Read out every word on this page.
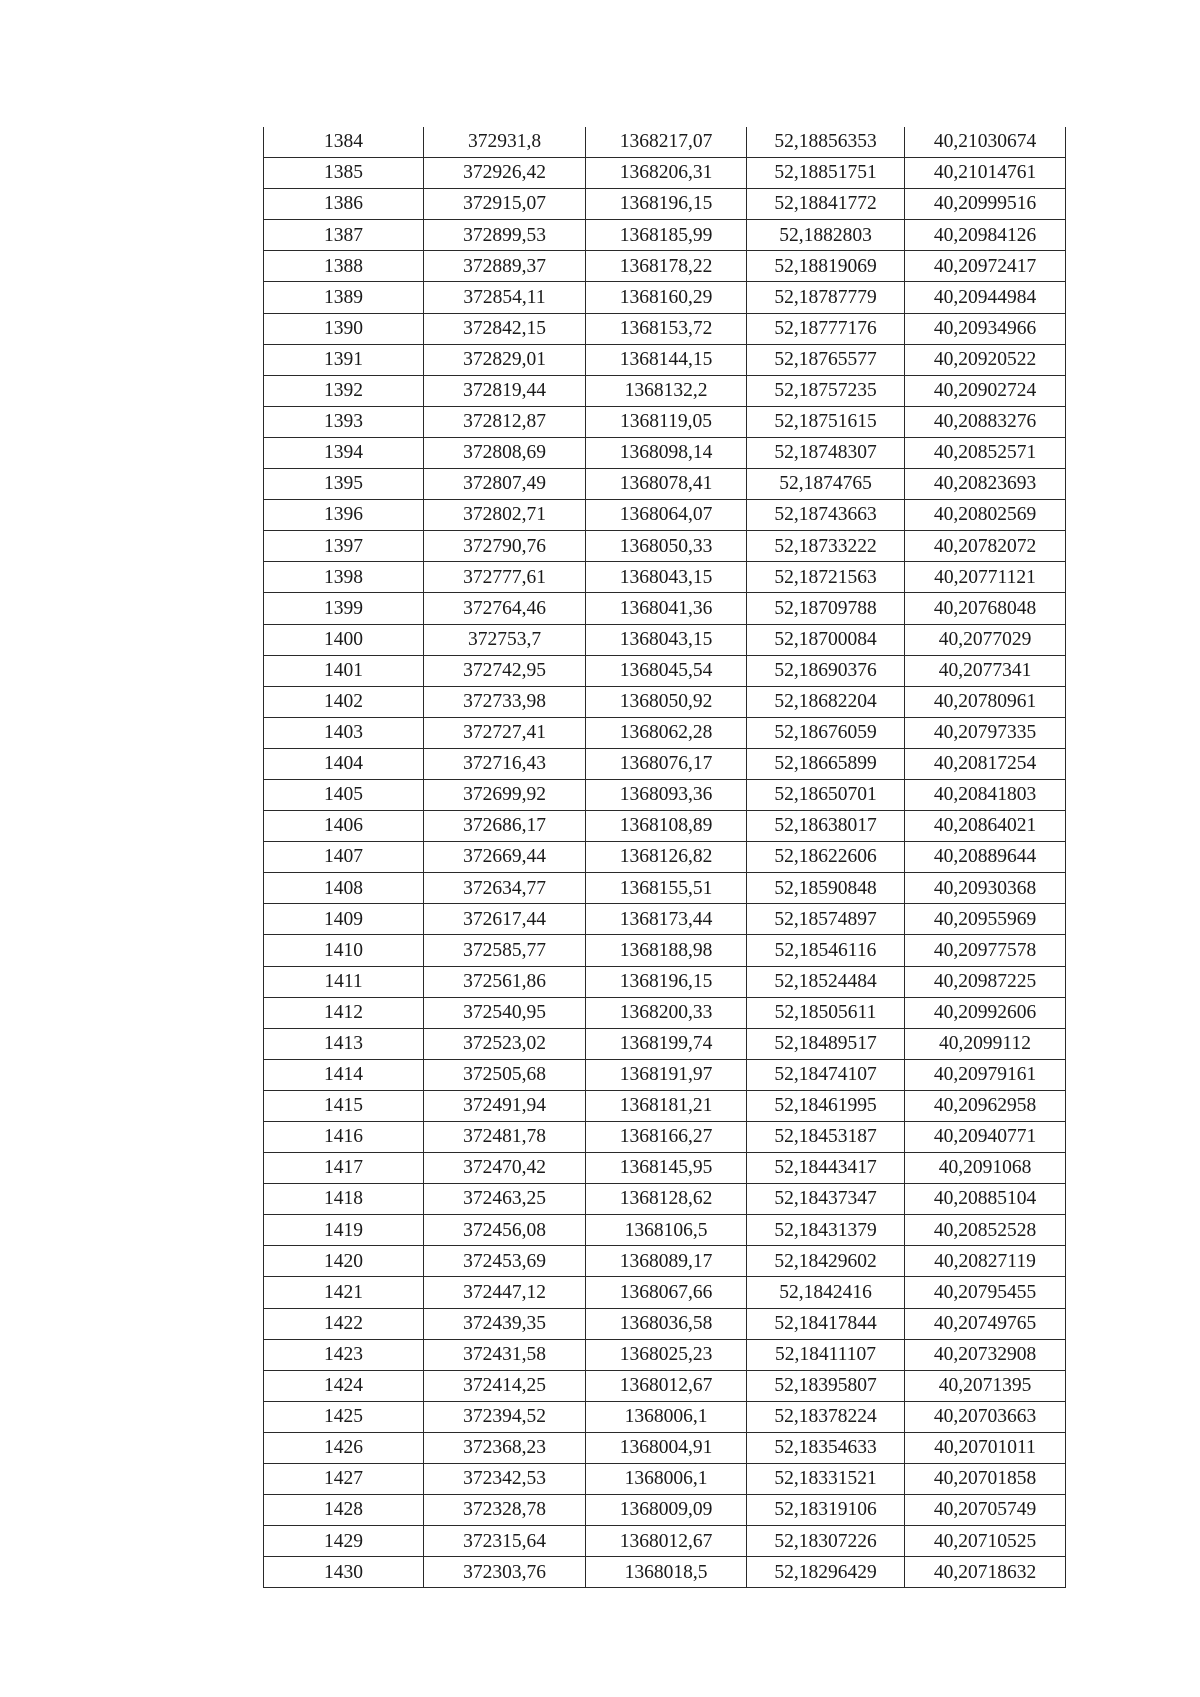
1384	372931,8	1368217,07	52,18856353	40,21030674
1385	372926,42	1368206,31	52,18851751	40,21014761
1386	372915,07	1368196,15	52,18841772	40,20999516
1387	372899,53	1368185,99	52,1882803	40,20984126
1388	372889,37	1368178,22	52,18819069	40,20972417
1389	372854,11	1368160,29	52,18787779	40,20944984
1390	372842,15	1368153,72	52,18777176	40,20934966
1391	372829,01	1368144,15	52,18765577	40,20920522
1392	372819,44	1368132,2	52,18757235	40,20902724
1393	372812,87	1368119,05	52,18751615	40,20883276
1394	372808,69	1368098,14	52,18748307	40,20852571
1395	372807,49	1368078,41	52,1874765	40,20823693
1396	372802,71	1368064,07	52,18743663	40,20802569
1397	372790,76	1368050,33	52,18733222	40,20782072
1398	372777,61	1368043,15	52,18721563	40,20771121
1399	372764,46	1368041,36	52,18709788	40,20768048
1400	372753,7	1368043,15	52,18700084	40,2077029
1401	372742,95	1368045,54	52,18690376	40,2077341
1402	372733,98	1368050,92	52,18682204	40,20780961
1403	372727,41	1368062,28	52,18676059	40,20797335
1404	372716,43	1368076,17	52,18665899	40,20817254
1405	372699,92	1368093,36	52,18650701	40,20841803
1406	372686,17	1368108,89	52,18638017	40,20864021
1407	372669,44	1368126,82	52,18622606	40,20889644
1408	372634,77	1368155,51	52,18590848	40,20930368
1409	372617,44	1368173,44	52,18574897	40,20955969
1410	372585,77	1368188,98	52,18546116	40,20977578
1411	372561,86	1368196,15	52,18524484	40,20987225
1412	372540,95	1368200,33	52,18505611	40,20992606
1413	372523,02	1368199,74	52,18489517	40,2099112
1414	372505,68	1368191,97	52,18474107	40,20979161
1415	372491,94	1368181,21	52,18461995	40,20962958
1416	372481,78	1368166,27	52,18453187	40,20940771
1417	372470,42	1368145,95	52,18443417	40,2091068
1418	372463,25	1368128,62	52,18437347	40,20885104
1419	372456,08	1368106,5	52,18431379	40,20852528
1420	372453,69	1368089,17	52,18429602	40,20827119
1421	372447,12	1368067,66	52,1842416	40,20795455
1422	372439,35	1368036,58	52,18417844	40,20749765
1423	372431,58	1368025,23	52,18411107	40,20732908
1424	372414,25	1368012,67	52,18395807	40,2071395
1425	372394,52	1368006,1	52,18378224	40,20703663
1426	372368,23	1368004,91	52,18354633	40,20701011
1427	372342,53	1368006,1	52,18331521	40,20701858
1428	372328,78	1368009,09	52,18319106	40,20705749
1429	372315,64	1368012,67	52,18307226	40,20710525
1430	372303,76	1368018,5	52,18296429	40,20718632
